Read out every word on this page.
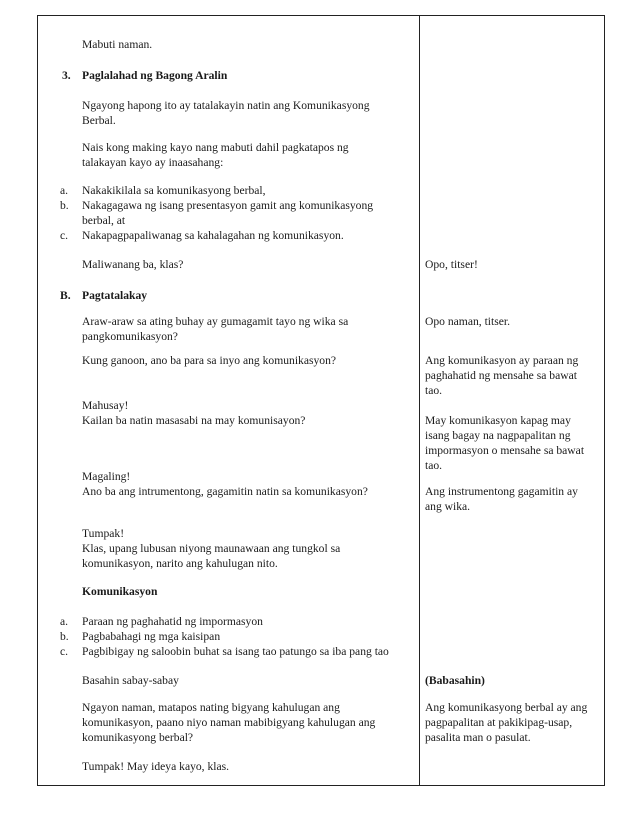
Mabuti naman.
3. Paglalahad ng Bagong Aralin
Ngayong hapong ito ay tatalakayin natin ang Komunikasyong
Berbal.
Nais kong making kayo nang mabuti dahil pagkatapos ng
talakayan kayo ay inaasahang:
a. Nakakikilala sa komunikasyong berbal,
b. Nakagagawa ng isang presentasyon gamit ang komunikasyong
berbal, at
c. Nakapagpapaliwanag sa kahalagahan ng komunikasyon.
Maliwanang ba, klas?
B. Pagtatalakay
Araw-araw sa ating buhay ay gumagamit tayo ng wika sa
pangkomunikasyon?
Kung ganoon, ano ba para sa inyo ang komunikasyon?
Mahusay!
Kailan ba natin masasabi na may komunisayon?
Magaling!
Ano ba ang intrumentong, gagamitin natin sa komunikasyon?
Tumpak!
Klas, upang lubusan niyong maunawaan ang tungkol sa
komunikasyon, narito ang kahulugan nito.
Komunikasyon
a. Paraan ng paghahatid ng impormasyon
b. Pagbabahagi ng mga kaisipan
c. Pagbibigay ng saloobin buhat sa isang tao patungo sa iba pang tao
Basahin sabay-sabay
Ngayon naman, matapos nating bigyang kahulugan ang
komunikasyon, paano niyo naman mabibigyang kahulugan ang
komunikasyong berbal?
Tumpak! May ideya kayo, klas.
Opo, titser!
Opo naman, titser.
Ang komunikasyon ay paraan ng
paghahatid ng mensahe sa bawat
tao.
May komunikasyon kapag may
isang bagay na nagpapalitan ng
impormasyon o mensahe sa bawat
tao.
Ang instrumentong gagamitin ay
ang wika.
(Babasahin)
Ang komunikasyong berbal ay ang
pagpapalitan at pakikipag-usap,
pasalita man o pasulat.
